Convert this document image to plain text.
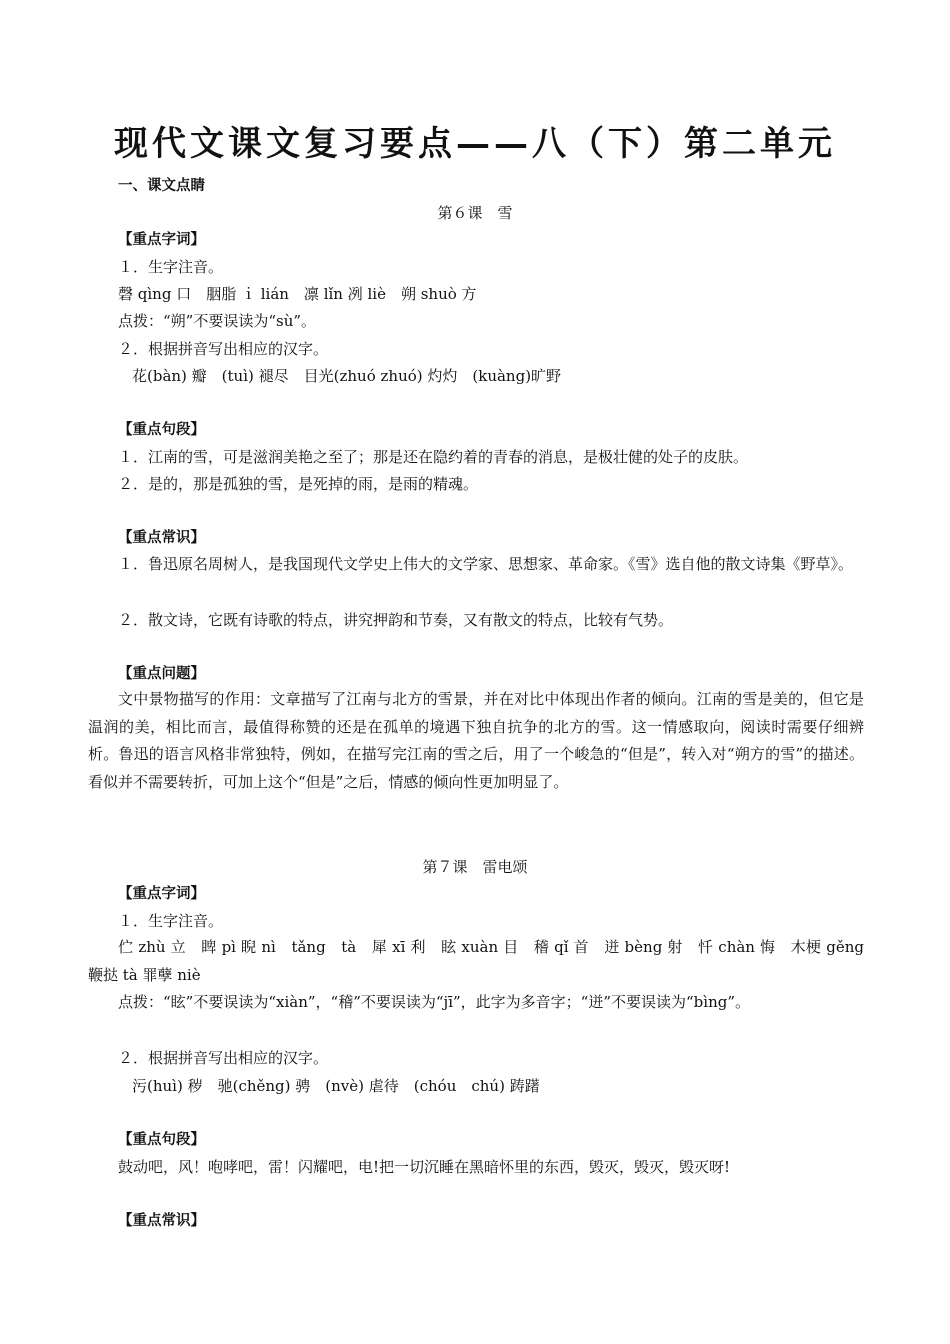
现代文课文复习要点——八（下）第二单元
一、课文点睛
第６课　雪
【重点字词】
１．生字注音。
磬 qìng 口　胭脂 ｉ lián　凛 lǐn 冽 liè　朔 shuò 方
点拨：“朔”不要误读为“sù”。
２．根据拼音写出相应的汉字。
花(bàn) 瓣　(tuì) 褪尽　目光(zhuó zhuó) 灼灼　(kuàng)旷野
【重点句段】
１．江南的雪，可是滋润美艳之至了；那是还在隐约着的青春的消息，是极壮健的处子的皮肤。
２．是的，那是孤独的雪，是死掉的雨，是雨的精魂。
【重点常识】
１．鲁迅原名周树人，是我国现代文学史上伟大的文学家、思想家、革命家。《雪》选自他的散文诗集《野草》。
２．散文诗，它既有诗歌的特点，讲究押韵和节奏，又有散文的特点，比较有气势。
【重点问题】
文中景物描写的作用：文章描写了江南与北方的雪景，并在对比中体现出作者的倾向。江南的雪是美的，但它是温润的美，相比而言，最值得称赞的还是在孤单的境遇下独自抗争的北方的雪。这一情感取向，阅读时需要仔细辨析。鲁迅的语言风格非常独特，例如，在描写完江南的雪之后，用了一个峻急的“但是”，转入对“朔方的雪”的描述。看似并不需要转折，可加上这个“但是”之后，情感的倾向性更加明显了。
第７课　雷电颂
【重点字词】
１．生字注音。
伫 zhù 立　睥 pì 睨 nì　tǎng　tà　犀 xī 利　眩 xuàn 目　稽 qǐ 首　迸 bèng 射　忏 chàn 悔　木梗 gěng 鞭挞 tà 罪孽 niè
点拨：“眩”不要误读为“xiàn”，“稽”不要误读为“jī”，此字为多音字；“迸”不要误读为“bìng”。
２．根据拼音写出相应的汉字。
污(huì) 秽　驰(chěng) 骋　(nvè) 虐待　(chóu　chú) 踌躇
【重点句段】
鼓动吧，风！咆哮吧，雷！闪耀吧，电!把一切沉睡在黑暗怀里的东西，毁灭，毁灭，毁灭呀!
【重点常识】
